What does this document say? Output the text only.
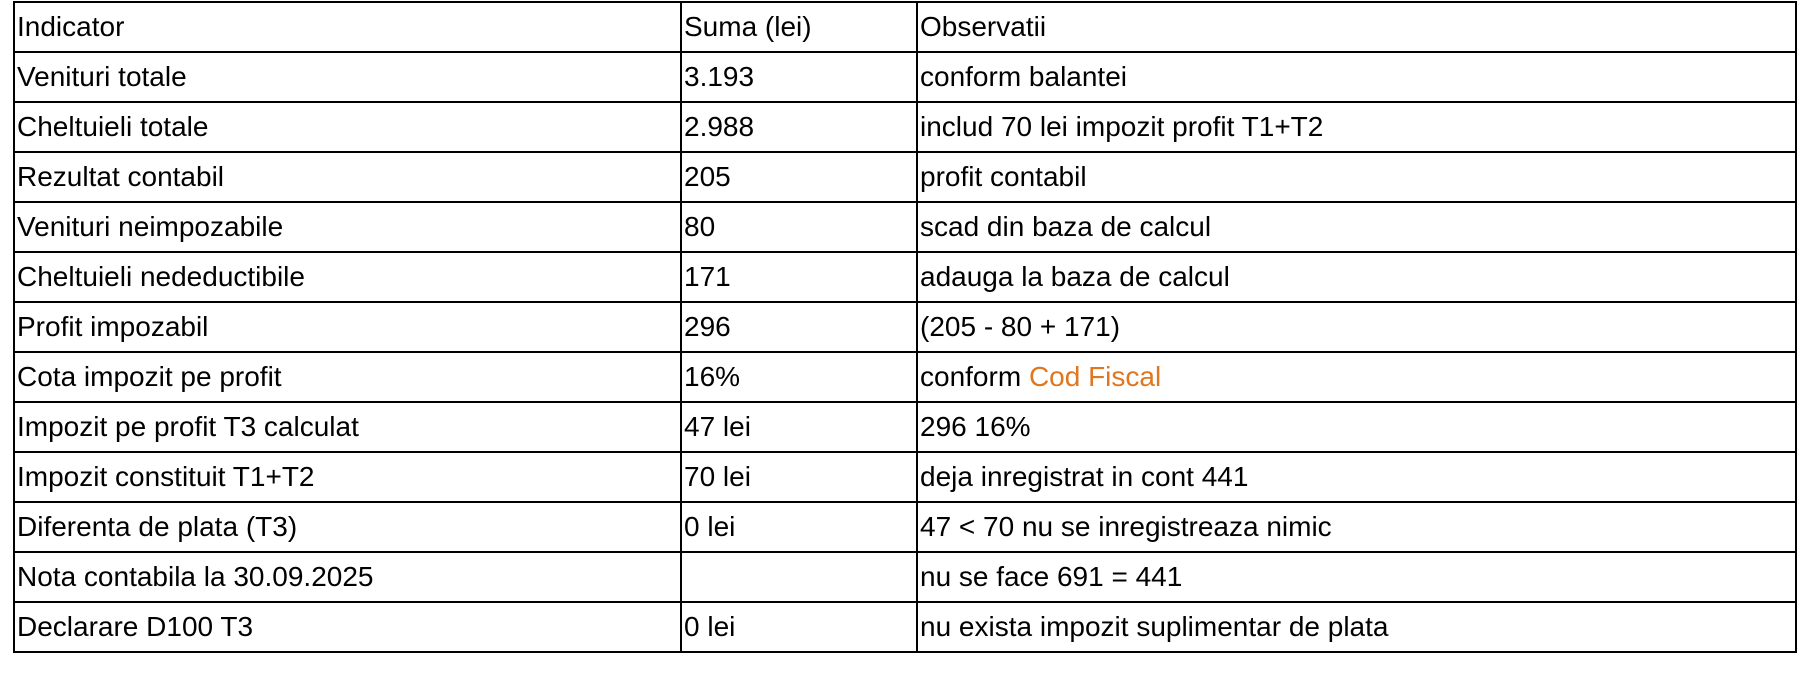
Indicator	Suma (lei)	Observatii
Venituri totale	3.193	conform balantei
Cheltuieli totale	2.988	includ 70 lei impozit profit T1+T2
Rezultat contabil	205	profit contabil
Venituri neimpozabile	80	scad din baza de calcul
Cheltuieli nedeductibile	171	adauga la baza de calcul
Profit impozabil	296	(205 - 80 + 171)
Cota impozit pe profit	16%	conform Cod Fiscal
Impozit pe profit T3 calculat	47 lei	296 16%
Impozit constituit T1+T2	70 lei	deja inregistrat in cont 441
Diferenta de plata (T3)	0 lei	47 < 70 nu se inregistreaza nimic
Nota contabila la 30.09.2025		nu se face 691 = 441
Declarare D100 T3	0 lei	nu exista impozit suplimentar de plata
